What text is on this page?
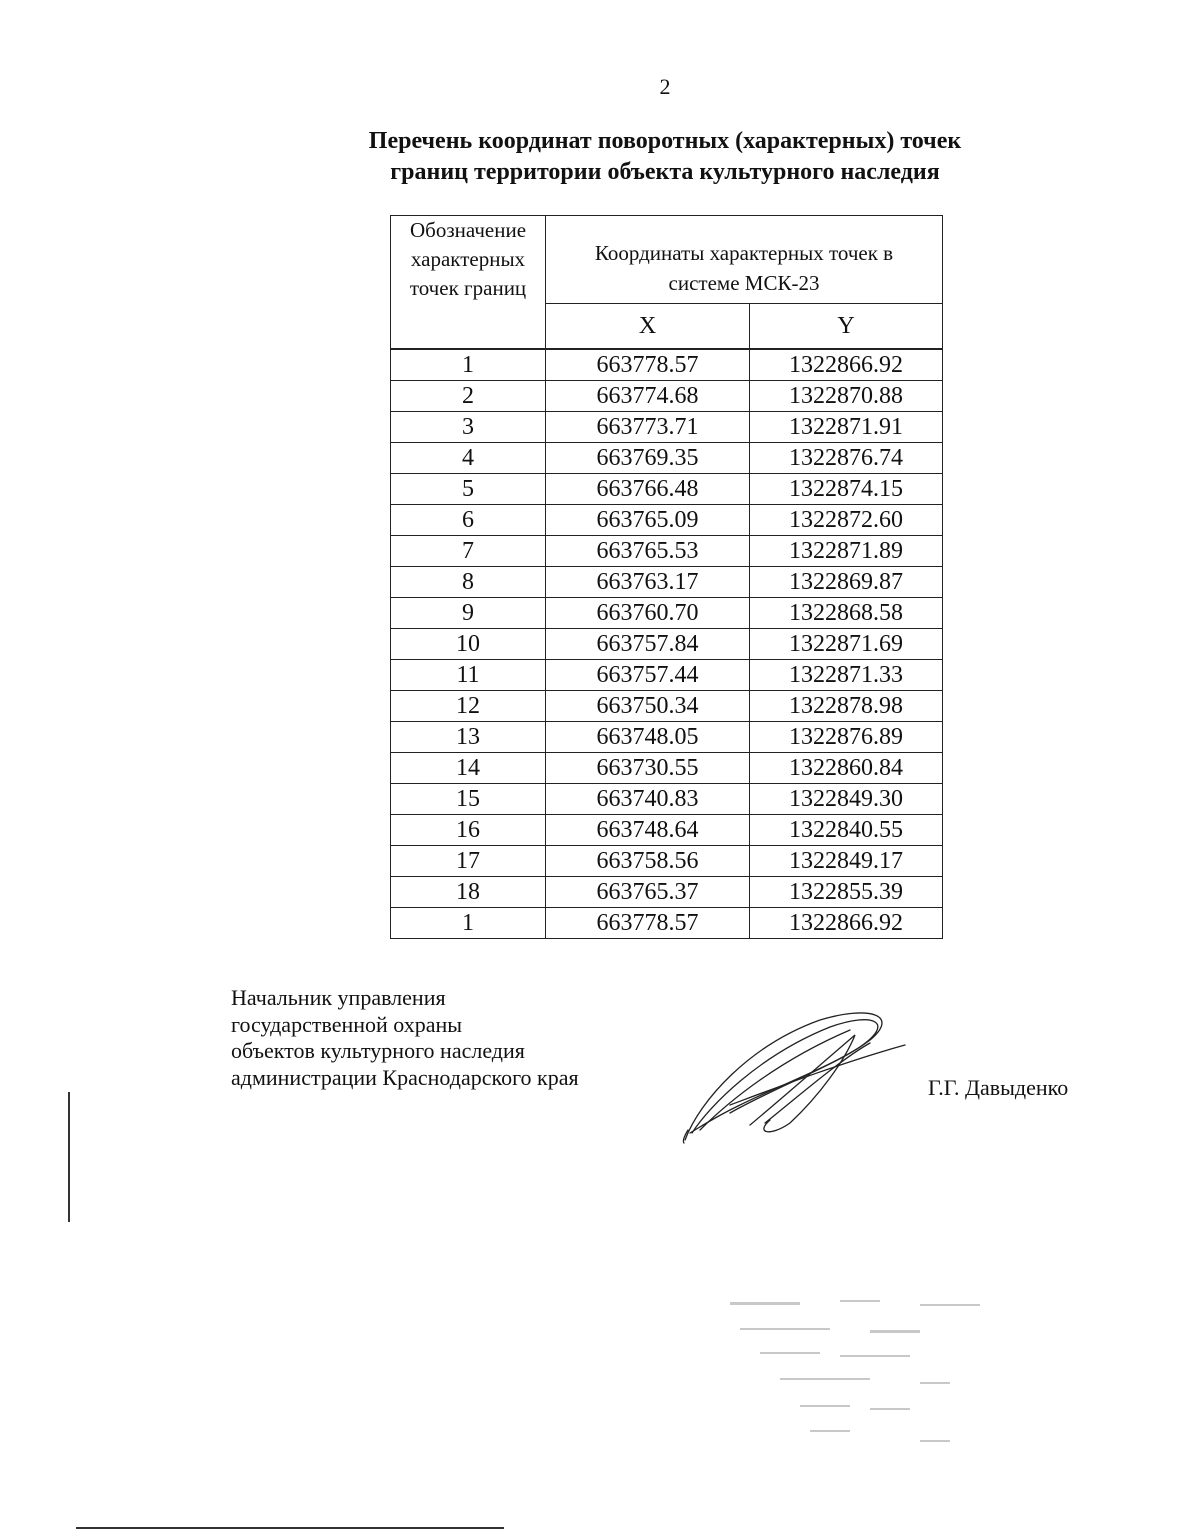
2
Перечень координат поворотных (характерных) точек
границ территории объекта культурного наследия
Обозначение характерных точек границ	Координаты характерных точек в системе МСК-23	

	X	Y
1	663778.57	1322866.92
2	663774.68	1322870.88
3	663773.71	1322871.91
4	663769.35	1322876.74
5	663766.48	1322874.15
6	663765.09	1322872.60
7	663765.53	1322871.89
8	663763.17	1322869.87
9	663760.70	1322868.58
10	663757.84	1322871.69
11	663757.44	1322871.33
12	663750.34	1322878.98
13	663748.05	1322876.89
14	663730.55	1322860.84
15	663740.83	1322849.30
16	663748.64	1322840.55
17	663758.56	1322849.17
18	663765.37	1322855.39
1	663778.57	1322866.92
Начальник управления
государственной охраны
объектов культурного наследия
администрации Краснодарского края	Г.Г. Давыденко
